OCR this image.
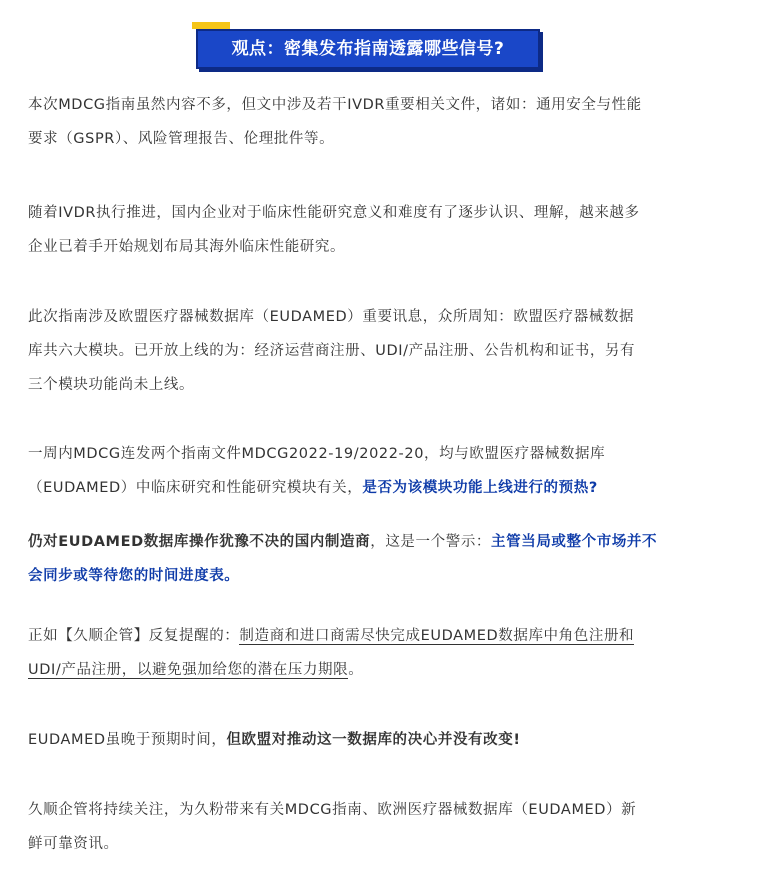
观点：密集发布指南透露哪些信号?

本次MDCG指南虽然内容不多，但文中涉及若干IVDR重要相关文件，诸如：通用安全与性能
要求（GSPR）、风险管理报告、伦理批件等。

随着IVDR执行推进，国内企业对于临床性能研究意义和难度有了逐步认识、理解，越来越多
企业已着手开始规划布局其海外临床性能研究。

此次指南涉及欧盟医疗器械数据库（EUDAMED）重要讯息，众所周知：欧盟医疗器械数据
库共六大模块。已开放上线的为：经济运营商注册、UDI/产品注册、公告机构和证书，另有
三个模块功能尚未上线。

一周内MDCG连发两个指南文件MDCG2022-19/2022-20，均与欧盟医疗器械数据库
（EUDAMED）中临床研究和性能研究模块有关，是否为该模块功能上线进行的预热?

仍对EUDAMED数据库操作犹豫不决的国内制造商，这是一个警示：主管当局或整个市场并不
会同步或等待您的时间进度表。

正如【久顺企管】反复提醒的：制造商和进口商需尽快完成EUDAMED数据库中角色注册和
UDI/产品注册，以避免强加给您的潜在压力期限。

EUDAMED虽晚于预期时间，但欧盟对推动这一数据库的决心并没有改变!

久顺企管将持续关注，为久粉带来有关MDCG指南、欧洲医疗器械数据库（EUDAMED）新
鲜可靠资讯。
